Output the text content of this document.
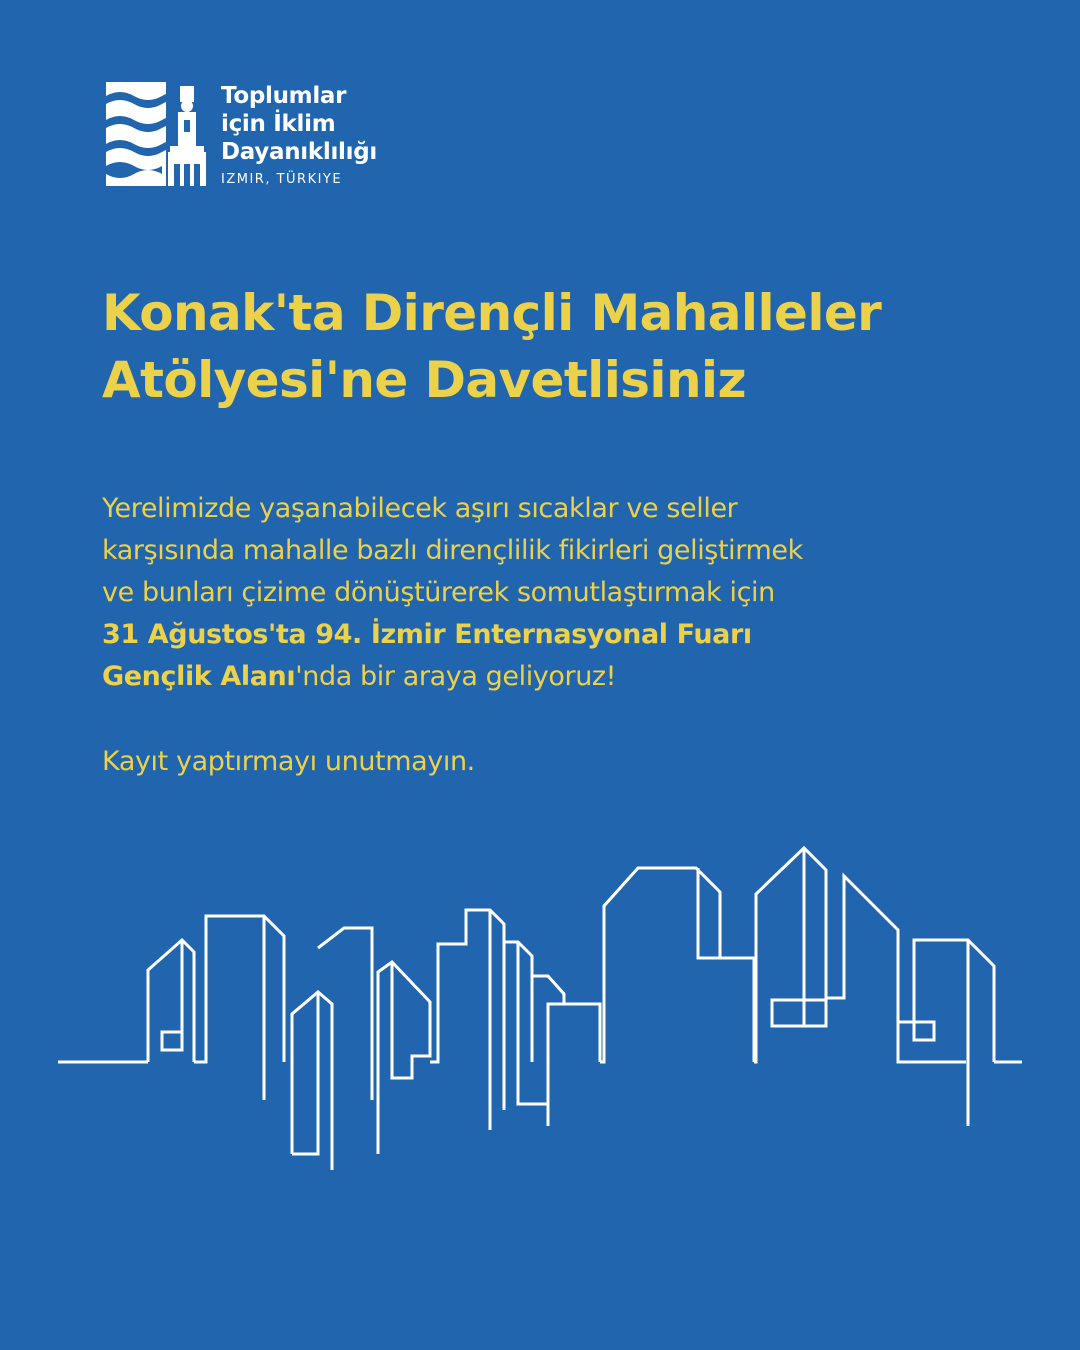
Toplumlar
için İklim
Dayanıklılığı
IZMIR, TÜRKIYE
Konak'ta Dirençli Mahalleler
Atölyesi'ne Davetlisiniz
Yerelimizde yaşanabilecek aşırı sıcaklar ve seller
karşısında mahalle bazlı dirençlilik fikirleri geliştirmek
ve bunları çizime dönüştürerek somutlaştırmak için
31 Ağustos'ta 94. İzmir Enternasyonal Fuarı
Gençlik Alanı'nda bir araya geliyoruz!
Kayıt yaptırmayı unutmayın.
